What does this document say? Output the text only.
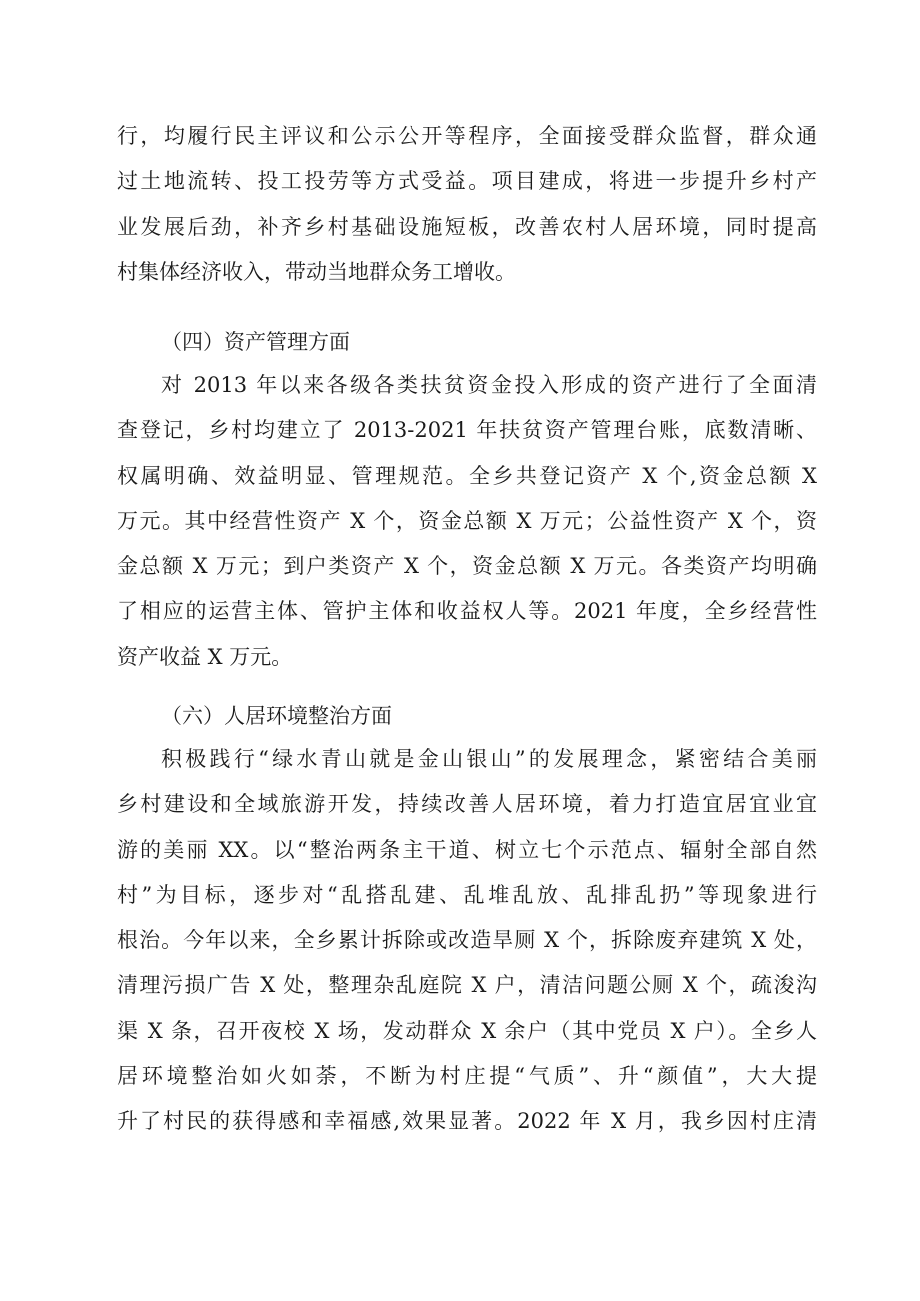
行，均履行民主评议和公示公开等程序，全面接受群众监督，群众通
过土地流转、投工投劳等方式受益。项目建成，将进一步提升乡村产
业发展后劲，补齐乡村基础设施短板，改善农村人居环境，同时提高
村集体经济收入，带动当地群众务工增收。
（四）资产管理方面
对 2013 年以来各级各类扶贫资金投入形成的资产进行了全面清
查登记，乡村均建立了 2013-2021 年扶贫资产管理台账，底数清晰、
权属明确、效益明显、管理规范。全乡共登记资产 X 个,资金总额 X
万元。其中经营性资产 X 个，资金总额 X 万元；公益性资产 X 个，资
金总额 X 万元；到户类资产 X 个，资金总额 X 万元。各类资产均明确
了相应的运营主体、管护主体和收益权人等。2021 年度，全乡经营性
资产收益 X 万元。
（六）人居环境整治方面
积极践行“绿水青山就是金山银山”的发展理念，紧密结合美丽
乡村建设和全域旅游开发，持续改善人居环境，着力打造宜居宜业宜
游的美丽 XX。以“整治两条主干道、树立七个示范点、辐射全部自然
村”为目标，逐步对“乱搭乱建、乱堆乱放、乱排乱扔”等现象进行
根治。今年以来，全乡累计拆除或改造旱厕 X 个，拆除废弃建筑 X 处，
清理污损广告 X 处，整理杂乱庭院 X 户，清洁问题公厕 X 个，疏浚沟
渠 X 条，召开夜校 X 场，发动群众 X 余户（其中党员 X 户）。全乡人
居环境整治如火如荼，不断为村庄提“气质”、升“颜值”，大大提
升了村民的获得感和幸福感,效果显著。2022 年 X 月，我乡因村庄清
